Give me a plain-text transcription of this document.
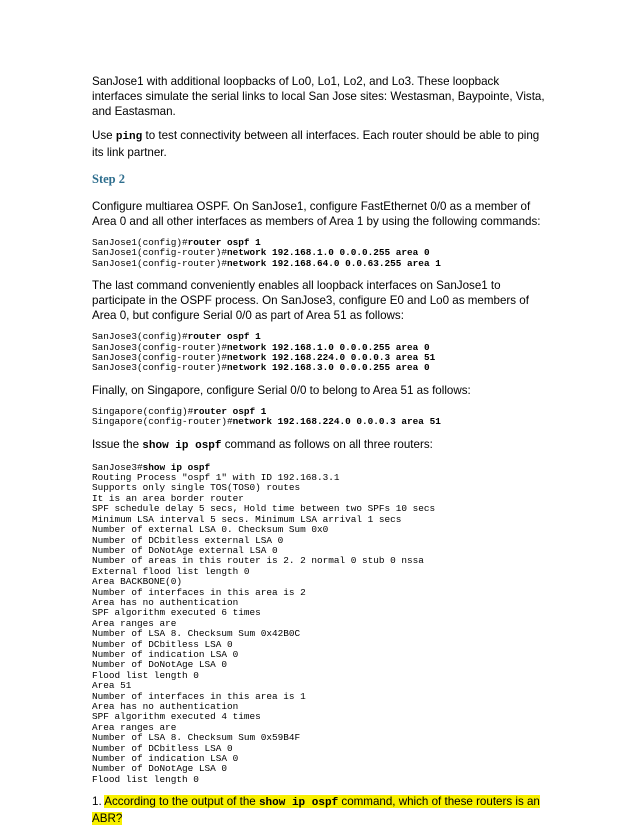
SanJose1 with additional loopbacks of Lo0, Lo1, Lo2, and Lo3. These loopback interfaces simulate the serial links to local San Jose sites: Westasman, Baypointe, Vista, and Eastasman.

Use ping to test connectivity between all interfaces. Each router should be able to ping its link partner.

Step 2

Configure multiarea OSPF. On SanJose1, configure FastEthernet 0/0 as a member of Area 0 and all other interfaces as members of Area 1 by using the following commands:

SanJose1(config)#router ospf 1
SanJose1(config-router)#network 192.168.1.0 0.0.0.255 area 0
SanJose1(config-router)#network 192.168.64.0 0.0.63.255 area 1

The last command conveniently enables all loopback interfaces on SanJose1 to participate in the OSPF process. On SanJose3, configure E0 and Lo0 as members of Area 0, but configure Serial 0/0 as part of Area 51 as follows:

SanJose3(config)#router ospf 1
SanJose3(config-router)#network 192.168.1.0 0.0.0.255 area 0
SanJose3(config-router)#network 192.168.224.0 0.0.0.3 area 51
SanJose3(config-router)#network 192.168.3.0 0.0.0.255 area 0

Finally, on Singapore, configure Serial 0/0 to belong to Area 51 as follows:

Singapore(config)#router ospf 1
Singapore(config-router)#network 192.168.224.0 0.0.0.3 area 51

Issue the show ip ospf command as follows on all three routers:

SanJose3#show ip ospf
Routing Process "ospf 1" with ID 192.168.3.1
Supports only single TOS(TOS0) routes
It is an area border router
SPF schedule delay 5 secs, Hold time between two SPFs 10 secs
Minimum LSA interval 5 secs. Minimum LSA arrival 1 secs
Number of external LSA 0. Checksum Sum 0x0
Number of DCbitless external LSA 0
Number of DoNotAge external LSA 0
Number of areas in this router is 2. 2 normal 0 stub 0 nssa
External flood list length 0
Area BACKBONE(0)
Number of interfaces in this area is 2
Area has no authentication
SPF algorithm executed 6 times
Area ranges are
Number of LSA 8. Checksum Sum 0x42B0C
Number of DCbitless LSA 0
Number of indication LSA 0
Number of DoNotAge LSA 0
Flood list length 0
Area 51
Number of interfaces in this area is 1
Area has no authentication
SPF algorithm executed 4 times
Area ranges are
Number of LSA 8. Checksum Sum 0x59B4F
Number of DCbitless LSA 0
Number of indication LSA 0
Number of DoNotAge LSA 0
Flood list length 0

1. According to the output of the show ip ospf command, which of these routers is an ABR?
